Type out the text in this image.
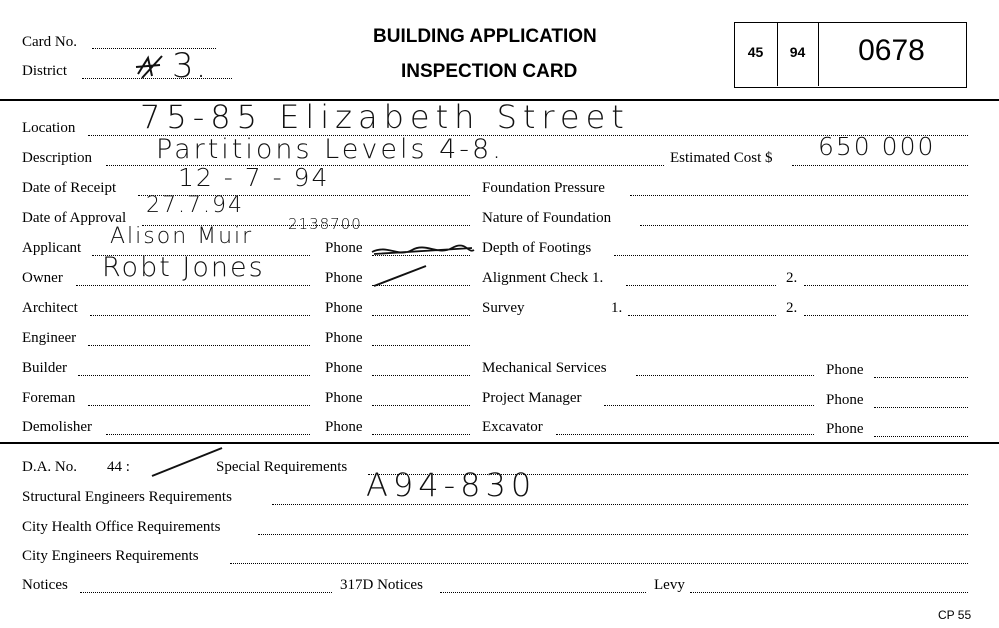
Card No.
District	3.
BUILDING APPLICATION
INSPECTION CARD
45	94	0678
Location 75-85 Elizabeth Street
Description Partitions Levels 4-8.	Estimated Cost $ 650 000
Date of Receipt 12 - 7 - 94
Date of Approval 27.7.94
2138700
Applicant Alison Muir	Phone
Owner Robt Jones	Phone
Architect	Phone
Engineer	Phone
Builder	Phone
Foreman	Phone
Demolisher	Phone
Foundation Pressure
Nature of Foundation
Depth of Footings
Alignment Check 1.	2.
Survey	1.	2.
Mechanical Services	Phone
Project Manager	Phone
Excavator	Phone
D.A. No. 44 :	Special Requirements
Structural Engineers Requirements	A94-830
City Health Office Requirements
City Engineers Requirements
Notices	317D Notices	Levy
CP 55
